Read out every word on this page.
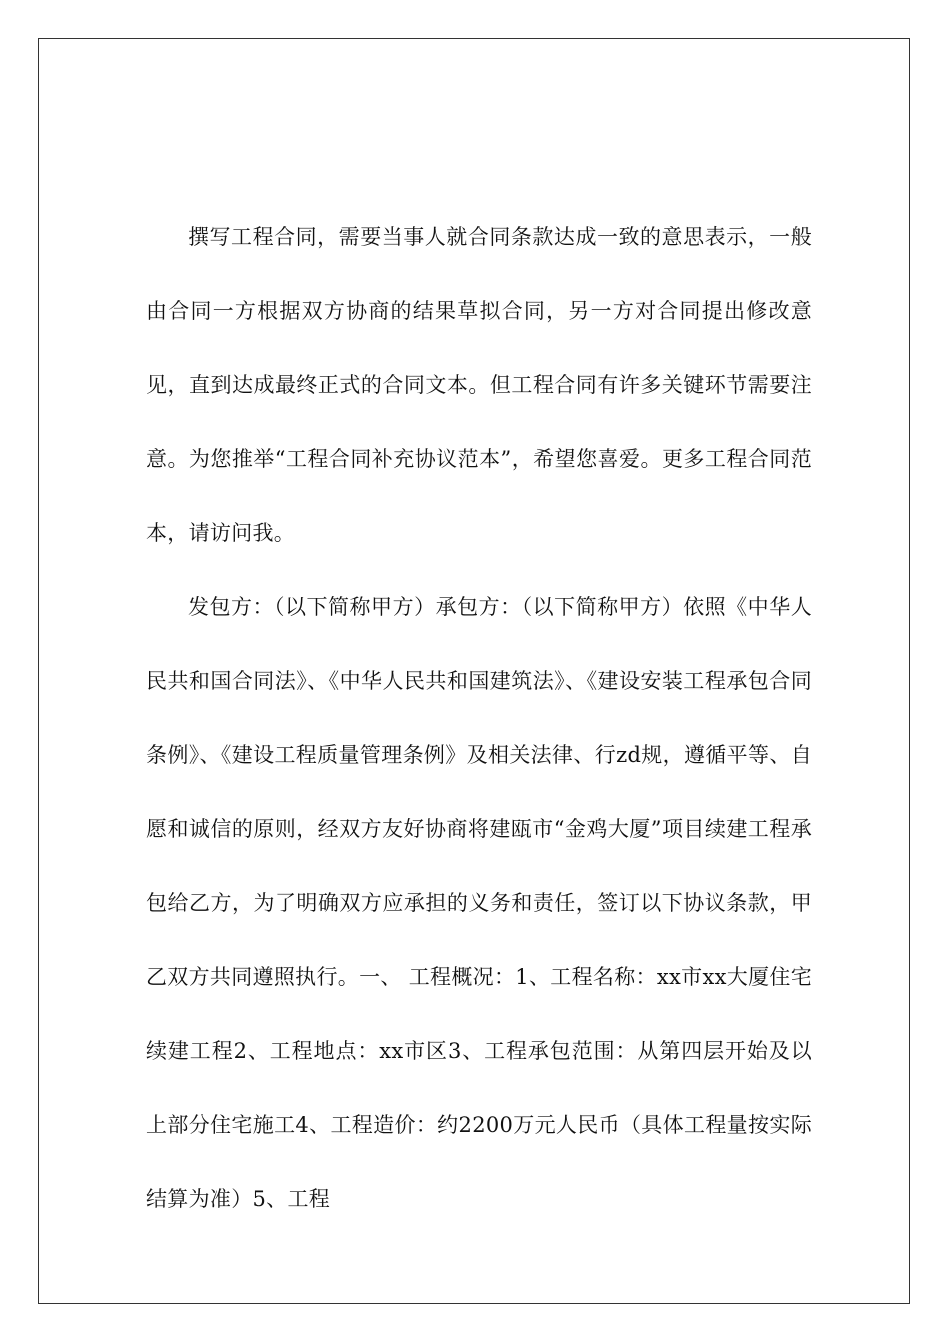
撰写工程合同，需要当事人就合同条款达成一致的意思表示，一般由合同一方根据双方协商的结果草拟合同，另一方对合同提出修改意见，直到达成最终正式的合同文本。但工程合同有许多关键环节需要注意。为您推举“工程合同补充协议范本”，希望您喜爱。更多工程合同范本，请访问我。

发包方：（以下简称甲方）承包方：（以下简称甲方）依照《中华人民共和国合同法》、《中华人民共和国建筑法》、《建设安装工程承包合同条例》、《建设工程质量管理条例》及相关法律、行zd规，遵循平等、自愿和诚信的原则，经双方友好协商将建瓯市“金鸡大厦”项目续建工程承包给乙方，为了明确双方应承担的义务和责任，签订以下协议条款，甲乙双方共同遵照执行。一、 工程概况：1、工程名称：xx市xx大厦住宅续建工程2、工程地点：xx市区3、工程承包范围：从第四层开始及以上部分住宅施工4、工程造价：约2200万元人民币（具体工程量按实际结算为准）5、工程
